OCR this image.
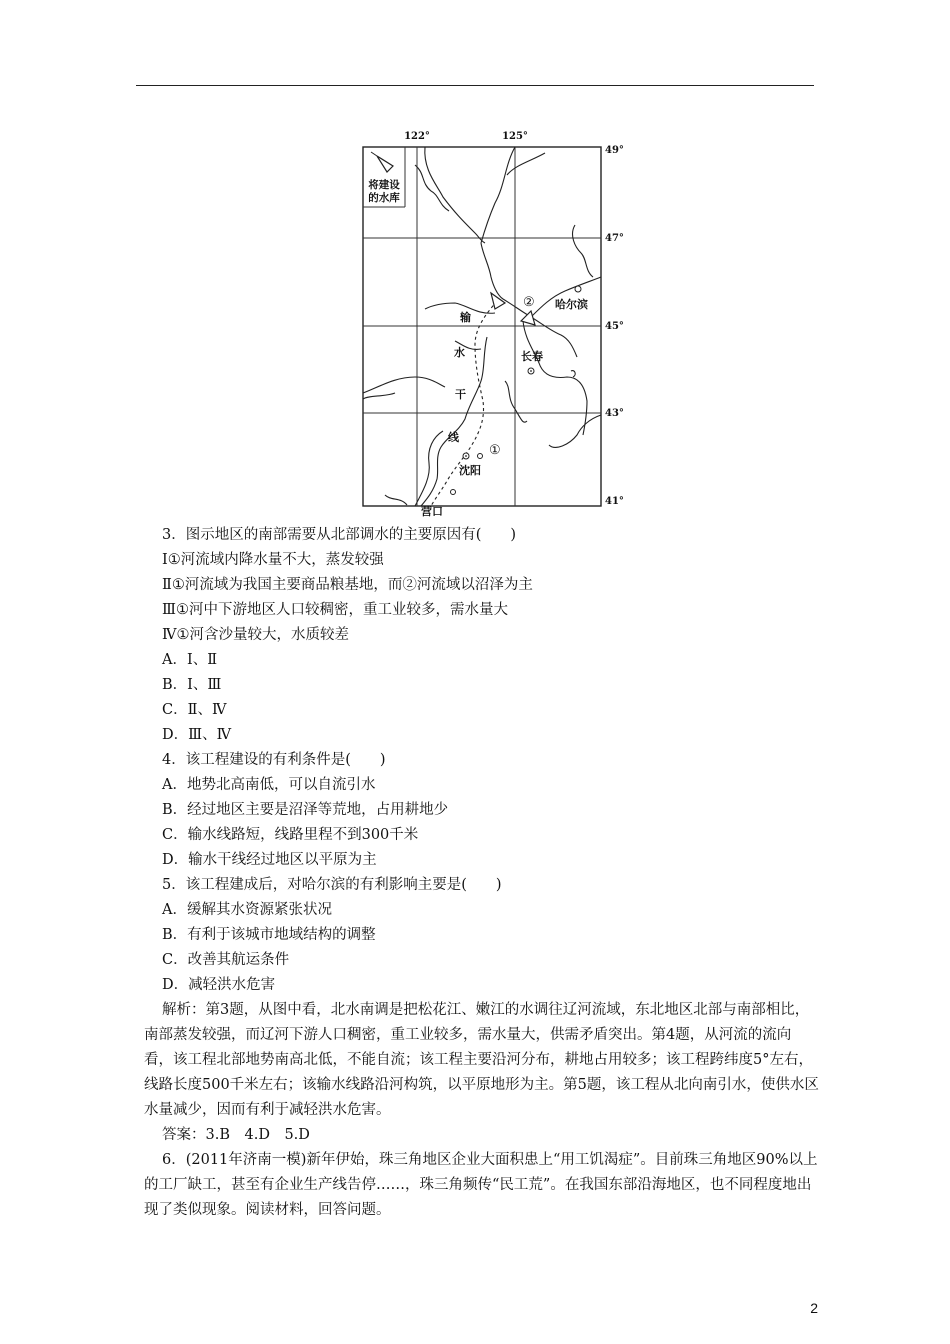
将建设
的水库
哈尔滨
长春
沈阳
营口
①
②
输
水
干
线
122°	125°
49°
47°
45°
43°
41°
3．图示地区的南部需要从北部调水的主要原因有(　　)
Ⅰ①河流域内降水量不大，蒸发较强
Ⅱ①河流域为我国主要商品粮基地，而②河流域以沼泽为主
Ⅲ①河中下游地区人口较稠密，重工业较多，需水量大
Ⅳ①河含沙量较大，水质较差
A．Ⅰ、Ⅱ
B．Ⅰ、Ⅲ
C．Ⅱ、Ⅳ
D．Ⅲ、Ⅳ
4．该工程建设的有利条件是(　　)
A．地势北高南低，可以自流引水
B．经过地区主要是沼泽等荒地，占用耕地少
C．输水线路短，线路里程不到300千米
D．输水干线经过地区以平原为主
5．该工程建成后，对哈尔滨的有利影响主要是(　　)
A．缓解其水资源紧张状况
B．有利于该城市地域结构的调整
C．改善其航运条件
D．减轻洪水危害
解析：第3题，从图中看，北水南调是把松花江、嫩江的水调往辽河流域，东北地区北部与南部相比，南部蒸发较强，而辽河下游人口稠密，重工业较多，需水量大，供需矛盾突出。第4题，从河流的流向看，该工程北部地势南高北低，不能自流；该工程主要沿河分布，耕地占用较多；该工程跨纬度5°左右，线路长度500千米左右；该输水线路沿河构筑，以平原地形为主。第5题，该工程从北向南引水，使供水区水量减少，因而有利于减轻洪水危害。
答案：3.B　4.D　5.D
6．(2011年济南一模)新年伊始，珠三角地区企业大面积患上“用工饥渴症”。目前珠三角地区90%以上的工厂缺工，甚至有企业生产线告停……，珠三角频传“民工荒”。在我国东部沿海地区，也不同程度地出现了类似现象。阅读材料，回答问题。
2
